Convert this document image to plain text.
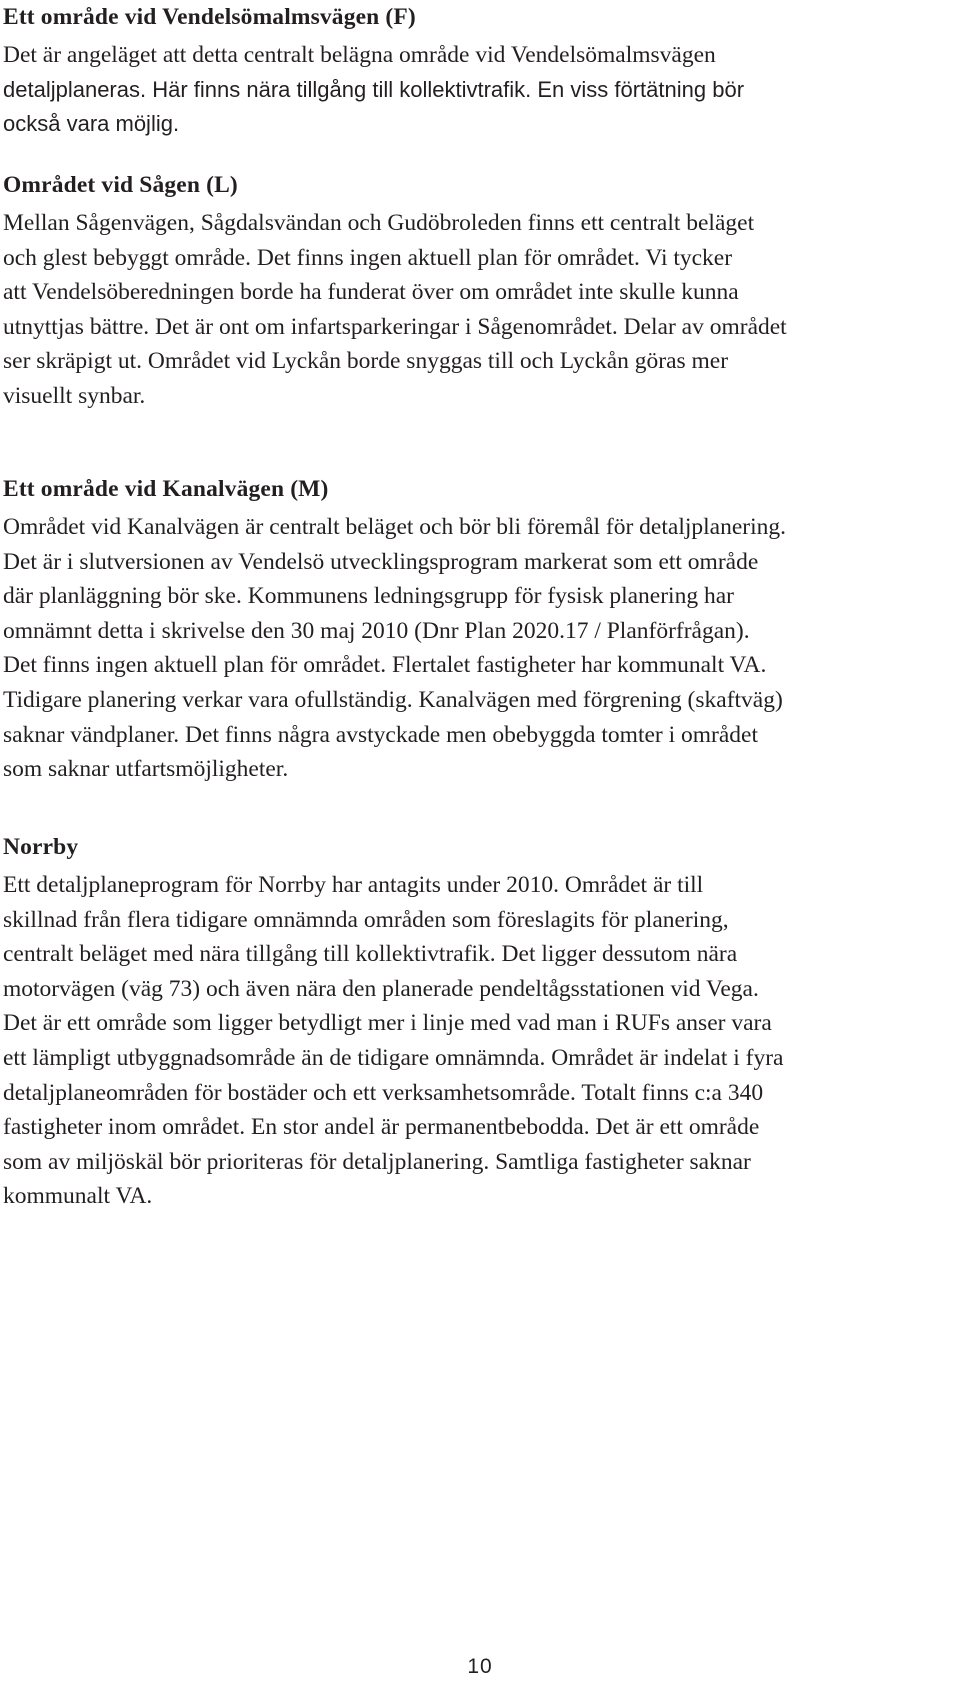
Ett område vid Vendelsömalmsvägen (F)

Det är angeläget att detta centralt belägna område vid Vendelsömalmsvägen
detaljplaneras. Här finns nära tillgång till kollektivtrafik. En viss förtätning bör
också vara möjlig.

Området vid Sågen (L)

Mellan Sågenvägen, Sågdalsvändan och Gudöbroleden finns ett centralt beläget
och glest bebyggt område. Det finns ingen aktuell plan för området. Vi tycker
att Vendelsöberedningen borde ha funderat över om området inte skulle kunna
utnyttjas bättre. Det är ont om infartsparkeringar i Sågenområdet. Delar av området
ser skräpigt ut. Området vid Lyckån borde snyggas till och Lyckån göras mer
visuellt synbar.

Ett område vid Kanalvägen (M)

Området vid Kanalvägen är centralt beläget och bör bli föremål för detaljplanering.
Det är i slutversionen av Vendelsö utvecklingsprogram markerat som ett område
där planläggning bör ske. Kommunens ledningsgrupp för fysisk planering har
omnämnt detta i skrivelse den 30 maj 2010 (Dnr Plan 2020.17 / Planförfrågan).
Det finns ingen aktuell plan för området. Flertalet fastigheter har kommunalt VA.
Tidigare planering verkar vara ofullständig. Kanalvägen med förgrening (skaftväg)
saknar vändplaner. Det finns några avstyckade men obebyggda tomter i området
som saknar utfartsmöjligheter.

Norrby

Ett detaljplaneprogram för Norrby har antagits under 2010. Området är till
skillnad från flera tidigare omnämnda områden som föreslagits för planering,
centralt beläget med nära tillgång till kollektivtrafik. Det ligger dessutom nära
motorvägen (väg 73) och även nära den planerade pendeltågsstationen vid Vega.
Det är ett område som ligger betydligt mer i linje med vad man i RUFs anser vara
ett lämpligt utbyggnadsområde än de tidigare omnämnda. Området är indelat i fyra
detaljplaneområden för bostäder och ett verksamhetsområde. Totalt finns c:a 340
fastigheter inom området. En stor andel är permanentbebodda. Det är ett område
som av miljöskäl bör prioriteras för detaljplanering. Samtliga fastigheter saknar
kommunalt VA.

10
